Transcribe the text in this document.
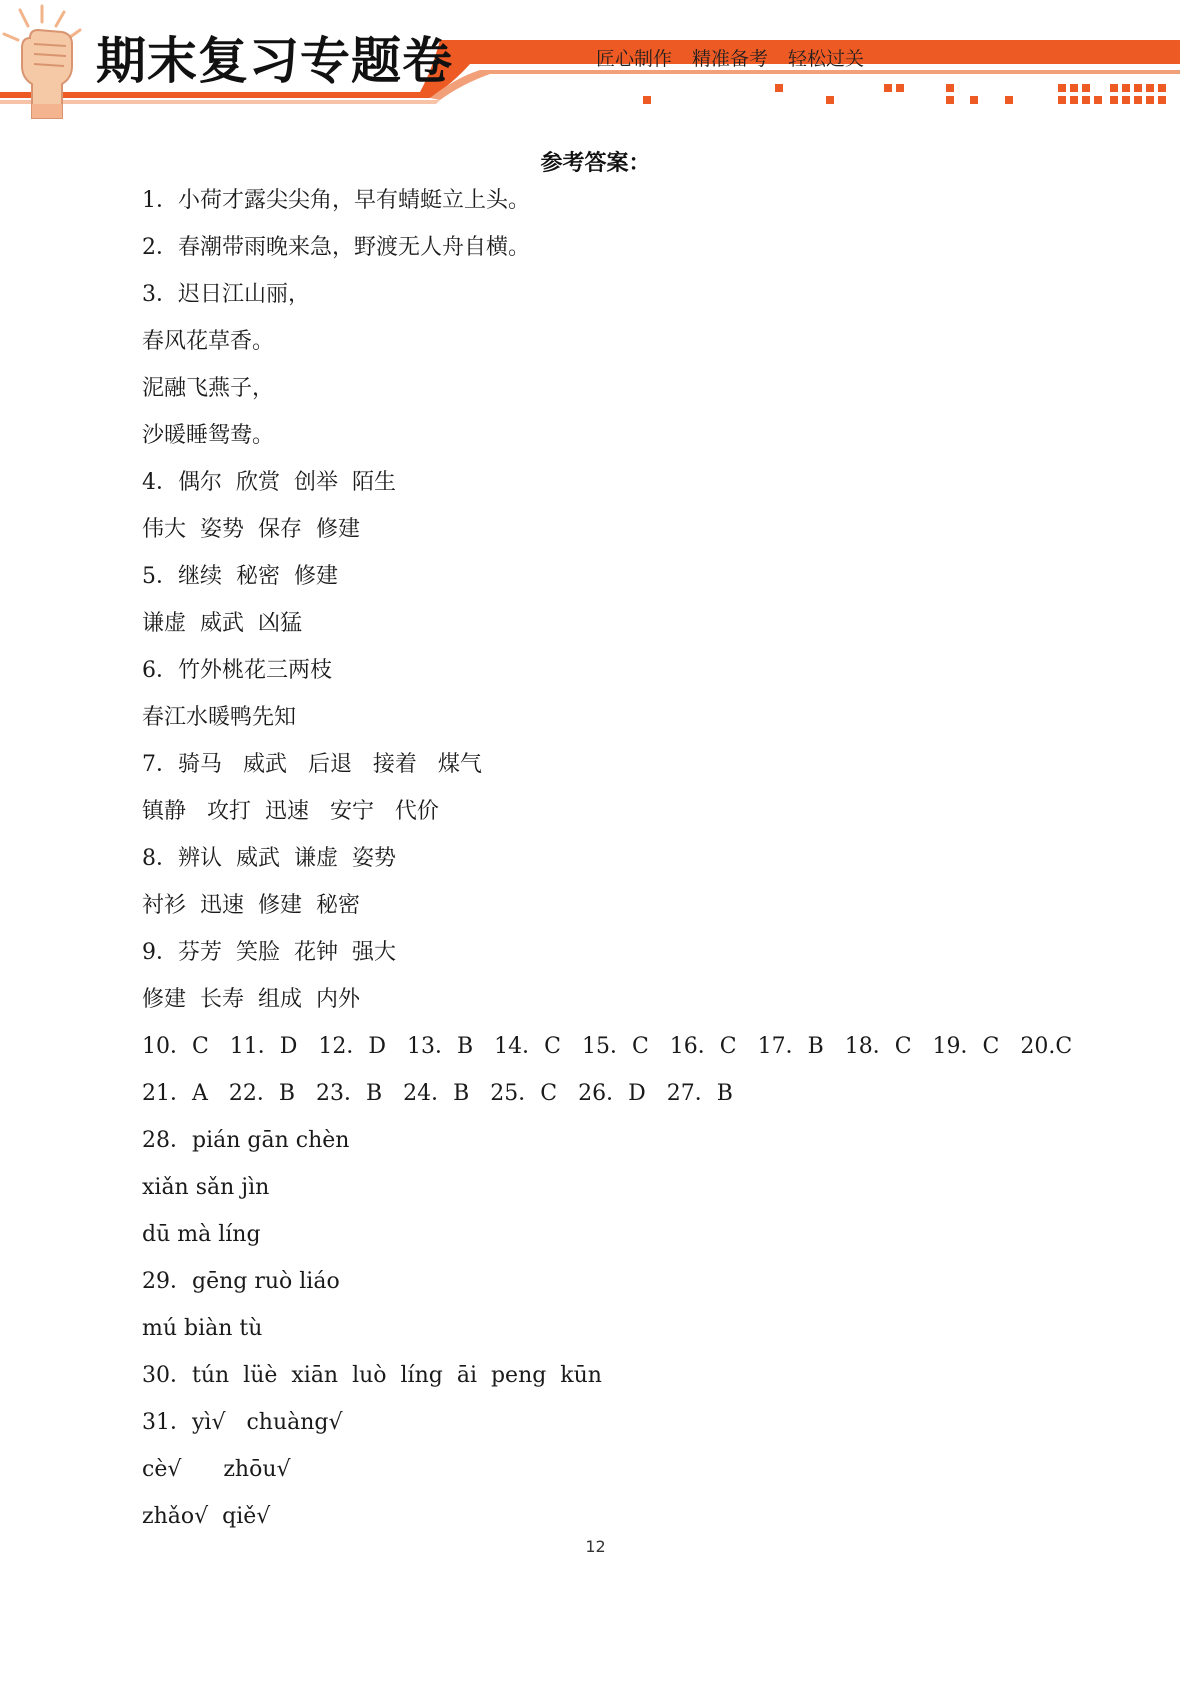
期末复习专题卷	匠心制作 精准备考 轻松过关
参考答案：
1．小荷才露尖尖角，早有蜻蜓立上头。
2．春潮带雨晚来急，野渡无人舟自横。
3．迟日江山丽，
春风花草香。
泥融飞燕子，
沙暖睡鸳鸯。
4．偶尔  欣赏  创举  陌生
伟大  姿势  保存  修建
5．继续  秘密  修建
谦虚  威武  凶猛
6．竹外桃花三两枝
春江水暖鸭先知
7．骑马   威武   后退   接着   煤气
镇静   攻打  迅速   安宁   代价
8．辨认  威武  谦虚  姿势
衬衫  迅速  修建  秘密
9．芬芳  笑脸  花钟  强大
修建  长寿  组成  内外
10．C   11．D   12．D   13．B   14．C   15．C   16．C   17．B   18．C   19．C   20.C
21．A   22．B   23．B   24．B   25．C   26．D   27．B
28．pián gān chèn
xiǎn sǎn jìn
dū mà líng
29．gēng ruò liáo
mú biàn tù
30．tún  lüè  xiān  luò  líng  āi  peng  kūn
31．yì√   chuàng√
cè√      zhōu√
zhǎo√  qiě√
12
